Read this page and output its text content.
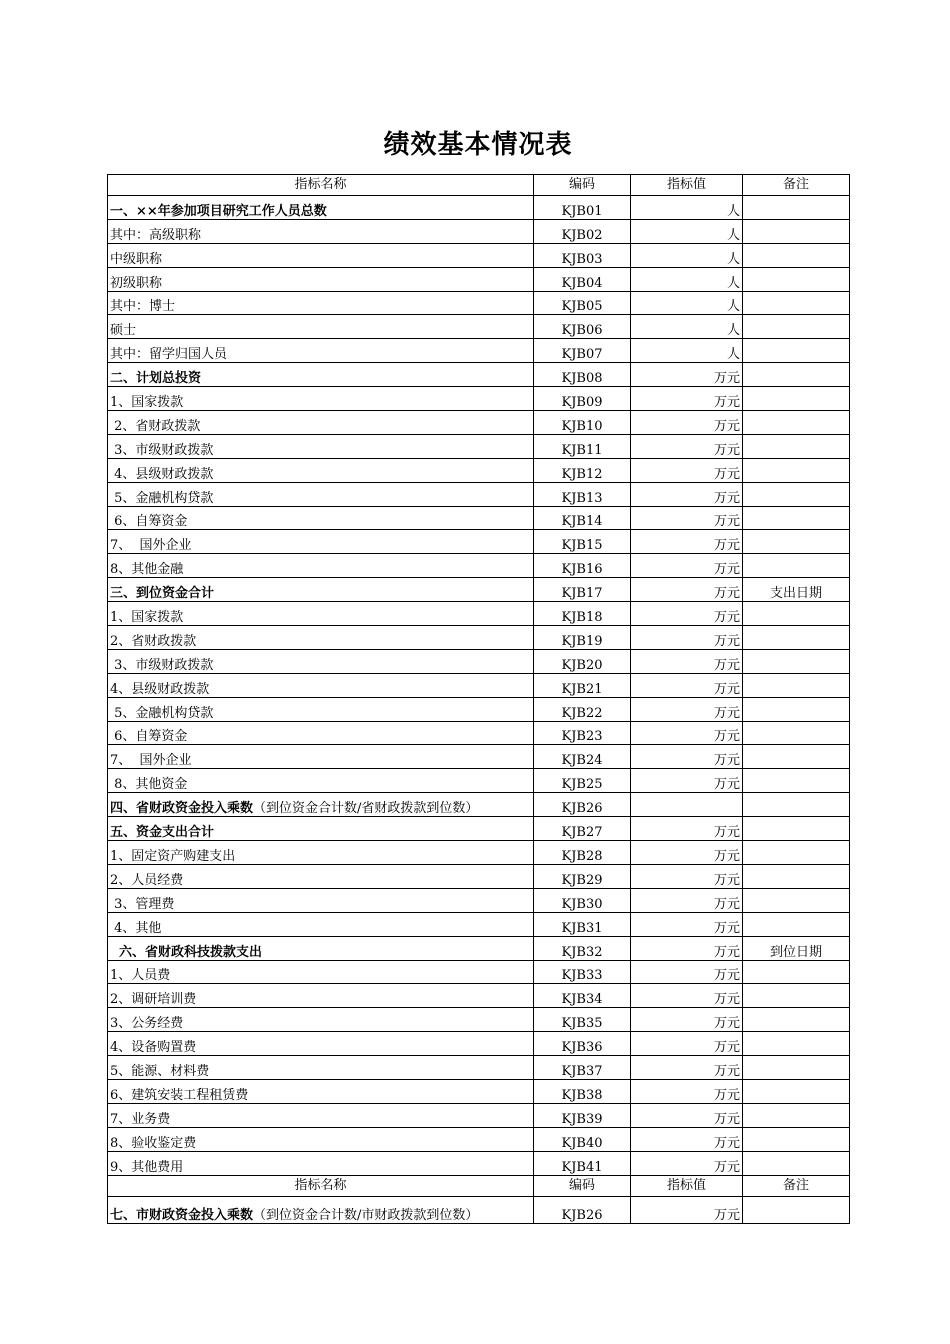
绩效基本情况表
指标名称	编码	指标值	备注
一、××年参加项目研究工作人员总数	KJB01	人	
其中：高级职称	KJB02	人	
中级职称	KJB03	人	
初级职称	KJB04	人	
其中：博士	KJB05	人	
硕士	KJB06	人	
其中：留学归国人员	KJB07	人	
二、计划总投资	KJB08	万元	
1、国家拨款	KJB09	万元	
2、省财政拨款	KJB10	万元	
3、市级财政拨款	KJB11	万元	
4、县级财政拨款	KJB12	万元	
5、金融机构贷款	KJB13	万元	
6、自筹资金	KJB14	万元	
7、  国外企业	KJB15	万元	
8、其他金融	KJB16	万元	
三、到位资金合计	KJB17	万元	支出日期
1、国家拨款	KJB18	万元	
2、省财政拨款	KJB19	万元	
3、市级财政拨款	KJB20	万元	
4、县级财政拨款	KJB21	万元	
5、金融机构贷款	KJB22	万元	
6、自筹资金	KJB23	万元	
7、  国外企业	KJB24	万元	
8、其他资金	KJB25	万元	
四、省财政资金投入乘数（到位资金合计数/省财政拨款到位数）	KJB26		
五、资金支出合计	KJB27	万元	
1、固定资产购建支出	KJB28	万元	
2、人员经费	KJB29	万元	
3、管理费	KJB30	万元	
4、其他	KJB31	万元	
六、省财政科技拨款支出	KJB32	万元	到位日期
1、人员费	KJB33	万元	
2、调研培训费	KJB34	万元	
3、公务经费	KJB35	万元	
4、设备购置费	KJB36	万元	
5、能源、材料费	KJB37	万元	
6、建筑安装工程租赁费	KJB38	万元	
7、业务费	KJB39	万元	
8、验收鉴定费	KJB40	万元	
9、其他费用	KJB41	万元	
指标名称	编码	指标值	备注
七、市财政资金投入乘数（到位资金合计数/市财政拨款到位数）	KJB26	万元	
